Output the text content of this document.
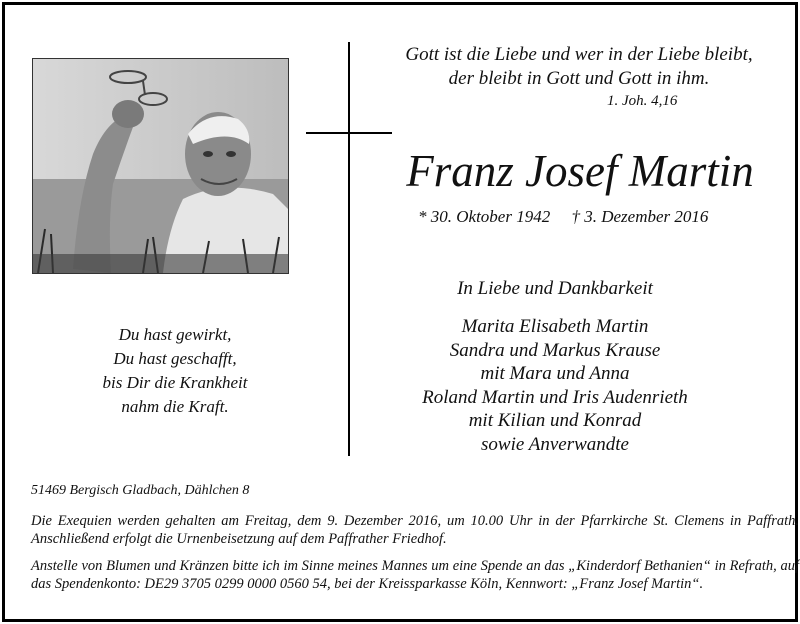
Gott ist die Liebe und wer in der Liebe bleibt,
der bleibt in Gott und Gott in ihm.
1. Joh. 4,16
Franz Josef Martin
* 30. Oktober 1942     † 3. Dezember 2016
In Liebe und Dankbarkeit
Marita Elisabeth Martin
Sandra und Markus Krause
mit Mara und Anna
Roland Martin und Iris Audenrieth
mit Kilian und Konrad
sowie Anverwandte
Du hast gewirkt,
Du hast geschafft,
bis Dir die Krankheit
nahm die Kraft.
51469 Bergisch Gladbach, Dählchen 8
Die Exequien werden gehalten am Freitag, dem 9. Dezember 2016, um 10.00 Uhr in der Pfarrkirche St. Clemens in Paffrath. Anschließend erfolgt die Urnenbeisetzung auf dem Paffrather Friedhof.
Anstelle von Blumen und Kränzen bitte ich im Sinne meines Mannes um eine Spende an das „Kinderdorf Bethanien“ in Refrath, auf das Spendenkonto: DE29 3705 0299 0000 0560 54, bei der Kreissparkasse Köln, Kennwort: „Franz Josef Martin“.
